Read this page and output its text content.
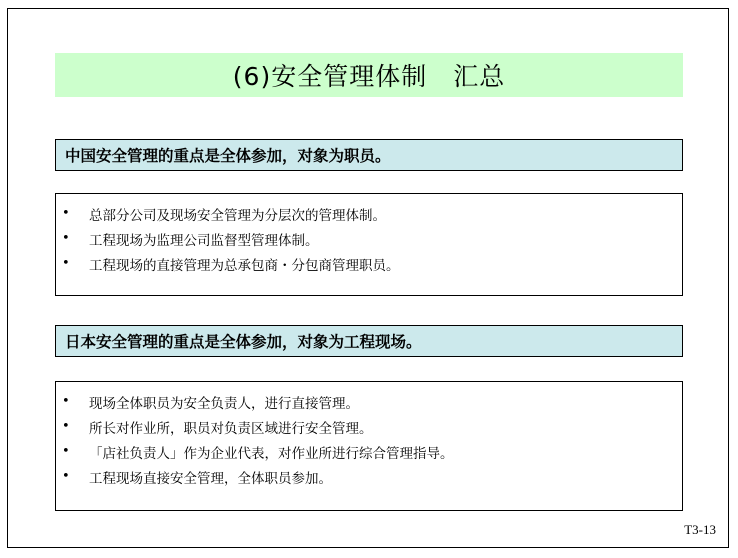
(6)安全管理体制　汇总
中国安全管理的重点是全体参加，对象为职员。
•	总部分公司及现场安全管理为分层次的管理体制。
•	工程现场为监理公司监督型管理体制。
•	工程现场的直接管理为总承包商・分包商管理职员。
日本安全管理的重点是全体参加，对象为工程现场。
•	现场全体职员为安全负责人，进行直接管理。
•	所长对作业所，职员对负责区域进行安全管理。
•	「店社负责人」作为企业代表，对作业所进行综合管理指导。
•	工程现场直接安全管理，全体职员参加。
T3-13
